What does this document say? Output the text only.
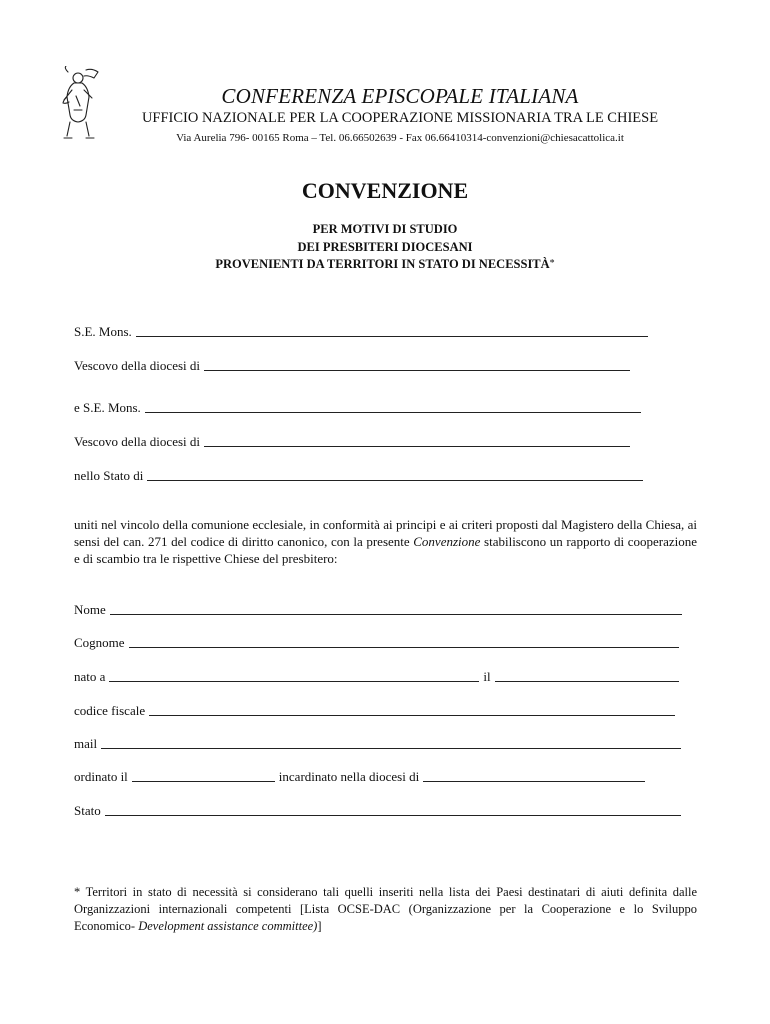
CONFERENZA EPISCOPALE ITALIANA
UFFICIO NAZIONALE PER LA COOPERAZIONE MISSIONARIA TRA LE CHIESE
Via Aurelia 796- 00165 Roma – Tel. 06.66502639 - Fax 06.66410314-convenzioni@chiesacattolica.it
CONVENZIONE
PER MOTIVI DI STUDIO
DEI PRESBITERI DIOCESANI
PROVENIENTI DA TERRITORI IN STATO DI NECESSITÀ*
S.E. Mons.
Vescovo della diocesi di
e S.E. Mons.
Vescovo della diocesi di
nello Stato di
uniti nel vincolo della comunione ecclesiale, in conformità ai principi e ai criteri proposti dal Magistero della Chiesa, ai sensi del can. 271 del codice di diritto canonico, con la presente Convenzione stabiliscono un rapporto di cooperazione e di scambio tra le rispettive Chiese del presbitero:
Nome
Cognome
nato a	il
codice fiscale
mail
ordinato il	incardinato nella diocesi di
Stato
* Territori in stato di necessità si considerano tali quelli inseriti nella lista dei Paesi destinatari di aiuti definita dalle Organizzazioni internazionali competenti [Lista OCSE-DAC (Organizzazione per la Cooperazione e lo Sviluppo Economico- Development assistance committee)]
